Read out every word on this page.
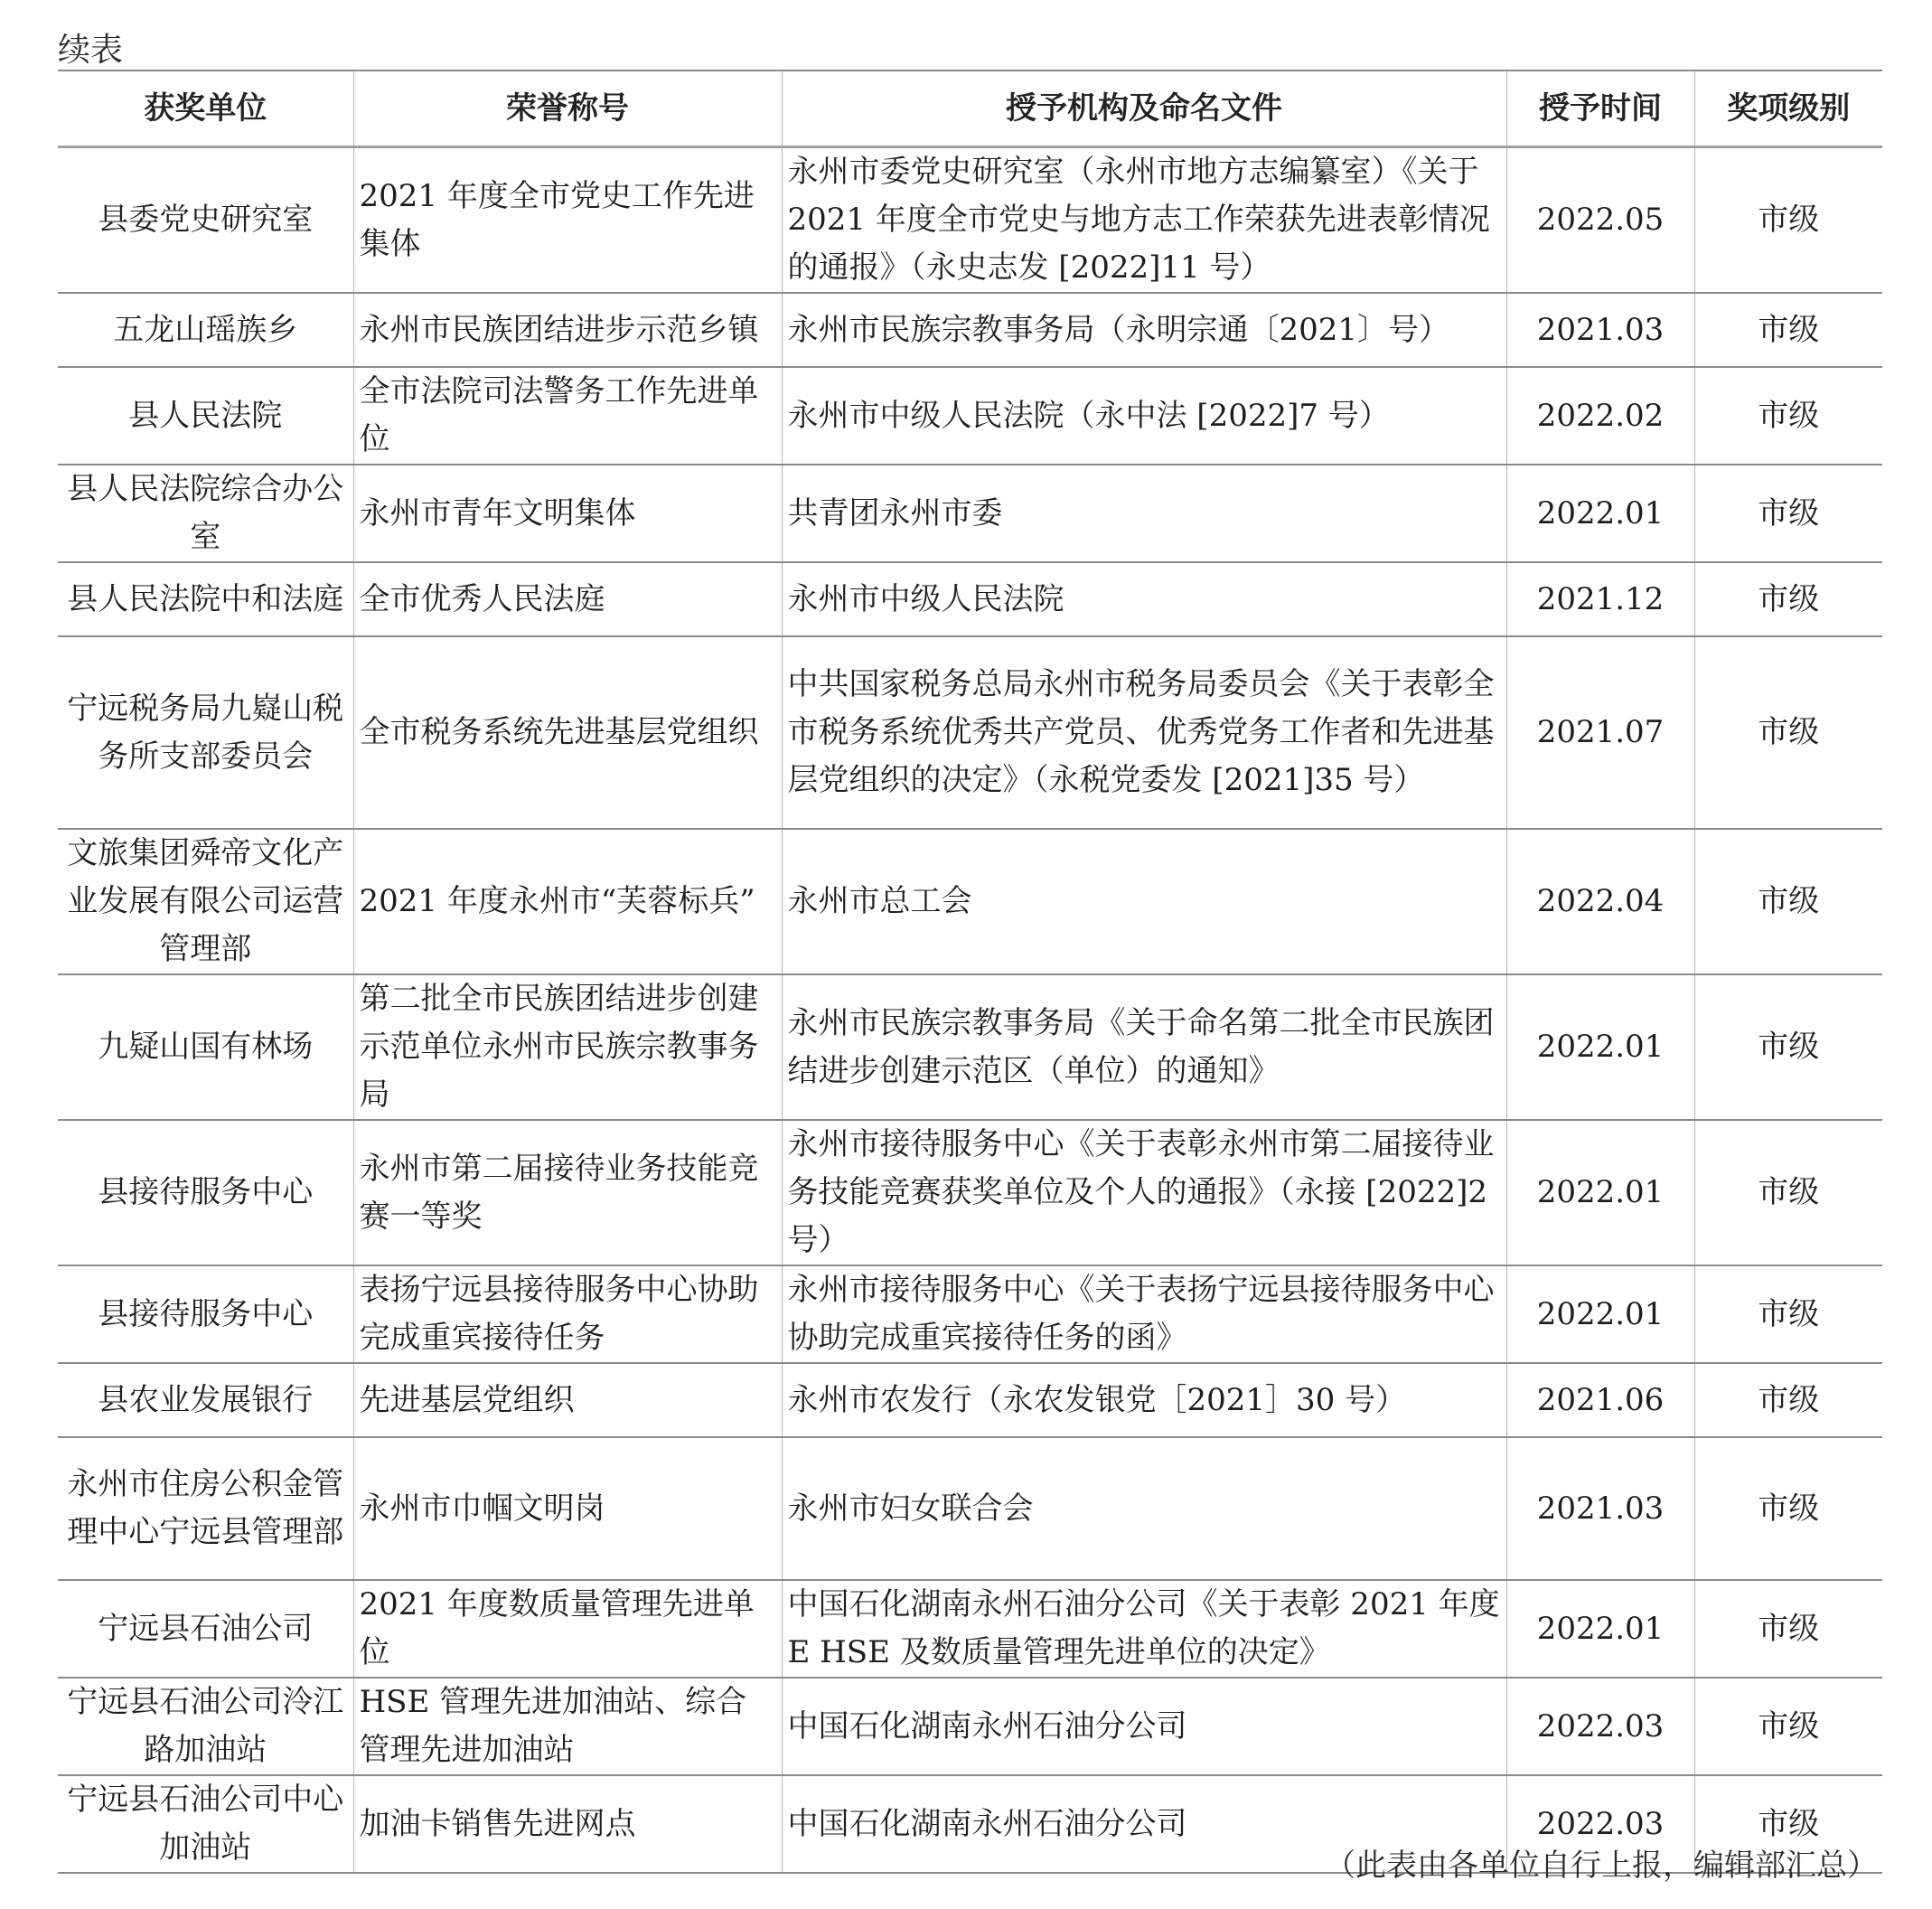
续表
获奖单位	荣誉称号	授予机构及命名文件	授予时间	奖项级别
县委党史研究室	2021 年度全市党史工作先进集体	永州市委党史研究室（永州市地方志编纂室）《关于 2021 年度全市党史与地方志工作荣获先进表彰情况的通报》（永史志发 [2022]11 号）	2022.05	市级
五龙山瑶族乡	永州市民族团结进步示范乡镇	永州市民族宗教事务局（永明宗通〔2021〕号）	2021.03	市级
县人民法院	全市法院司法警务工作先进单位	永州市中级人民法院（永中法 [2022]7 号）	2022.02	市级
县人民法院综合办公室	永州市青年文明集体	共青团永州市委	2022.01	市级
县人民法院中和法庭	全市优秀人民法庭	永州市中级人民法院	2021.12	市级
宁远税务局九嶷山税务所支部委员会	全市税务系统先进基层党组织	中共国家税务总局永州市税务局委员会《关于表彰全市税务系统优秀共产党员、优秀党务工作者和先进基层党组织的决定》（永税党委发 [2021]35 号）	2021.07	市级
文旅集团舜帝文化产业发展有限公司运营管理部	2021 年度永州市“芙蓉标兵”	永州市总工会	2022.04	市级
九疑山国有林场	第二批全市民族团结进步创建示范单位永州市民族宗教事务局	永州市民族宗教事务局《关于命名第二批全市民族团结进步创建示范区（单位）的通知》	2022.01	市级
县接待服务中心	永州市第二届接待业务技能竞赛一等奖	永州市接待服务中心《关于表彰永州市第二届接待业务技能竞赛获奖单位及个人的通报》（永接 [2022]2 号）	2022.01	市级
县接待服务中心	表扬宁远县接待服务中心协助完成重宾接待任务	永州市接待服务中心《关于表扬宁远县接待服务中心协助完成重宾接待任务的函》	2022.01	市级
县农业发展银行	先进基层党组织	永州市农发行（永农发银党［2021］30 号）	2021.06	市级
永州市住房公积金管理中心宁远县管理部	永州市巾帼文明岗	永州市妇女联合会	2021.03	市级
宁远县石油公司	2021 年度数质量管理先进单位	中国石化湖南永州石油分公司《关于表彰 2021 年度 E HSE 及数质量管理先进单位的决定》	2022.01	市级
宁远县石油公司泠江路加油站	HSE 管理先进加油站、综合管理先进加油站	中国石化湖南永州石油分公司	2022.03	市级
宁远县石油公司中心加油站	加油卡销售先进网点	中国石化湖南永州石油分公司	2022.03	市级
（此表由各单位自行上报，编辑部汇总）
